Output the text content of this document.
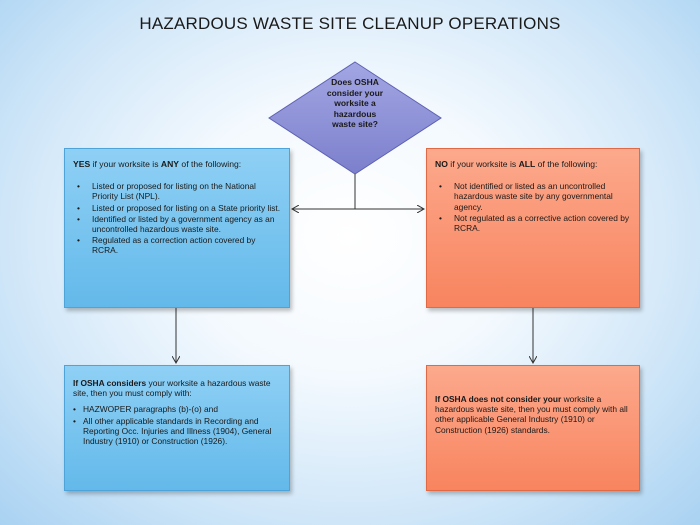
HAZARDOUS WASTE SITE CLEANUP OPERATIONS
Does OSHA
consider your
worksite a
hazardous
waste site?
YES if your worksite is ANY of the following:
• Listed or proposed for listing on the National Priority List (NPL).
• Listed or proposed for listing on a State priority list.
• Identified or listed by a government agency as an uncontrolled hazardous waste site.
• Regulated as a correction action covered by RCRA.
NO if your worksite is ALL of the following:
• Not identified or listed as an uncontrolled hazardous waste site by any governmental agency.
• Not regulated as a corrective action covered by RCRA.
If OSHA considers your worksite a hazardous waste site, then you must comply with:
• HAZWOPER paragraphs (b)-(o) and
• All other applicable standards in Recording and Reporting Occ. Injuries and Illness (1904), General Industry (1910) or Construction (1926).
If OSHA does not consider your worksite a hazardous waste site, then you must comply with all other applicable General Industry (1910) or Construction (1926) standards.
